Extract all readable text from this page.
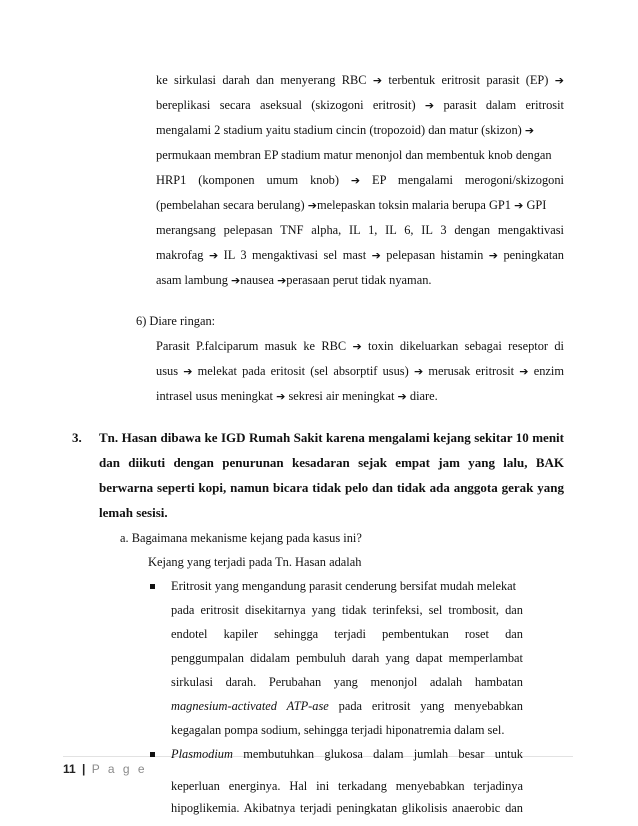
ke sirkulasi darah dan menyerang RBC ➔ terbentuk eritrosit parasit (EP) ➔
bereplikasi secara aseksual (skizogoni eritrosit) ➔ parasit dalam eritrosit
mengalami 2 stadium yaitu stadium cincin (tropozoid) dan matur (skizon) ➔
permukaan membran EP stadium matur menonjol dan membentuk knob dengan
HRP1 (komponen umum knob) ➔ EP mengalami merogoni/skizogoni
(pembelahan secara berulang) ➔melepaskan toksin malaria berupa GP1 ➔ GPI
merangsang pelepasan TNF alpha, IL 1, IL 6, IL 3 dengan mengaktivasi
makrofag ➔ IL 3 mengaktivasi sel mast ➔ pelepasan histamin ➔ peningkatan
asam lambung ➔nausea ➔perasaan perut tidak nyaman.
6) Diare ringan:
Parasit P.falciparum masuk ke RBC ➔ toxin dikeluarkan sebagai reseptor di
usus ➔ melekat pada eritosit (sel absorptif usus) ➔ merusak eritrosit ➔ enzim
intrasel usus meningkat ➔ sekresi air meningkat ➔ diare.
3. Tn. Hasan dibawa ke IGD Rumah Sakit karena mengalami kejang sekitar 10 menit
dan diikuti dengan penurunan kesadaran sejak empat jam yang lalu, BAK
berwarna seperti kopi, namun bicara tidak pelo dan tidak ada anggota gerak yang
lemah sesisi.
a. Bagaimana mekanisme kejang pada kasus ini?
Kejang yang terjadi pada Tn. Hasan adalah
Eritrosit yang mengandung parasit cenderung bersifat mudah melekat
pada eritrosit disekitarnya yang tidak terinfeksi, sel trombosit, dan
endotel kapiler sehingga terjadi pembentukan roset dan
penggumpalan didalam pembuluh darah yang dapat memperlambat
sirkulasi darah. Perubahan yang menonjol adalah hambatan
magnesium-activated ATP-ase pada eritrosit yang menyebabkan
kegagalan pompa sodium, sehingga terjadi hiponatremia dalam sel.
11 | P a g e
Plasmodium membutuhkan glukosa dalam jumlah besar untuk
keperluan energinya. Hal ini terkadang menyebabkan terjadinya
hipoglikemia. Akibatnya terjadi peningkatan glikolisis anaerobic dan
